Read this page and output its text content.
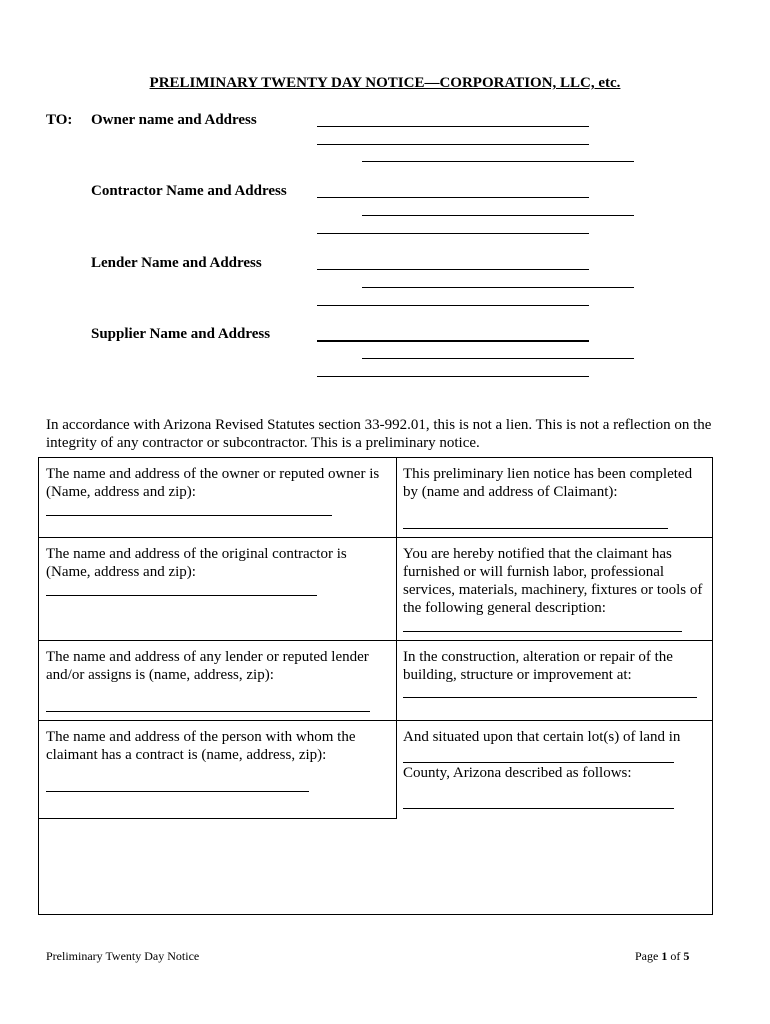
PRELIMINARY TWENTY DAY NOTICE—CORPORATION, LLC, etc.
TO: Owner name and Address
Contractor Name and Address
Lender Name and Address
Supplier Name and Address
In accordance with Arizona Revised Statutes section 33-992.01, this is not a lien. This is not a reflection on the integrity of any contractor or subcontractor. This is a preliminary notice.
The name and address of the owner or reputed owner is (Name, address and zip):
This preliminary lien notice has been completed by (name and address of Claimant):
The name and address of the original contractor is (Name, address and zip):
You are hereby notified that the claimant has furnished or will furnish labor, professional services, materials, machinery, fixtures or tools of the following general description:
The name and address of any lender or reputed lender and/or assigns is (name, address, zip):
In the construction, alteration or repair of the building, structure or improvement at:
The name and address of the person with whom the claimant has a contract is (name, address, zip):
And situated upon that certain lot(s) of land in
County, Arizona described as follows:
Preliminary Twenty Day Notice	Page 1 of 5
